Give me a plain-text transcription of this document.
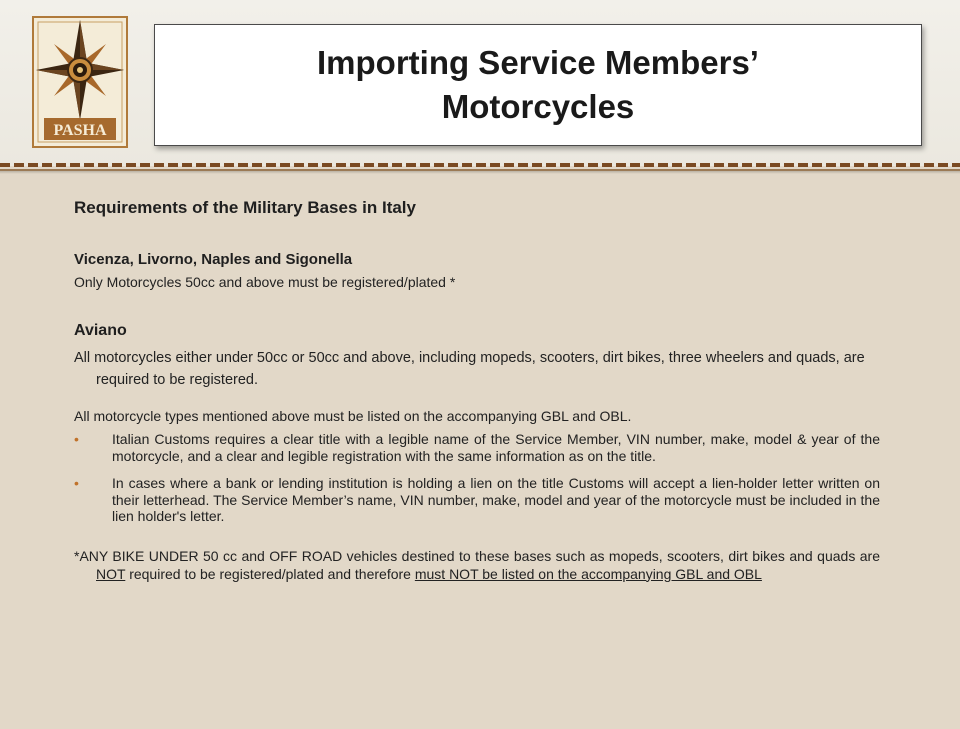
PASHA
Importing Service Members’
Motorcycles

Requirements of the Military Bases in Italy

Vicenza, Livorno, Naples and Sigonella

Only Motorcycles 50cc and above must be registered/plated *

Aviano

All motorcycles either under 50cc or 50cc and above, including mopeds, scooters, dirt bikes, three wheelers and quads, are required to be registered.

All motorcycle types mentioned above must be listed on the accompanying GBL and OBL.

• Italian Customs requires a clear title with a legible name of the Service Member, VIN number, make, model & year of the motorcycle, and a clear and legible registration with the same information as on the title.
• In cases where a bank or lending institution is holding a lien on the title Customs will accept a lien-holder letter written on their letterhead. The Service Member’s name, VIN number, make, model and year of the motorcycle must be included in the lien holder's letter.

*ANY BIKE UNDER 50 cc and OFF ROAD vehicles destined to these bases such as mopeds, scooters, dirt bikes and quads are NOT required to be registered/plated and therefore must NOT be listed on the accompanying GBL and OBL
